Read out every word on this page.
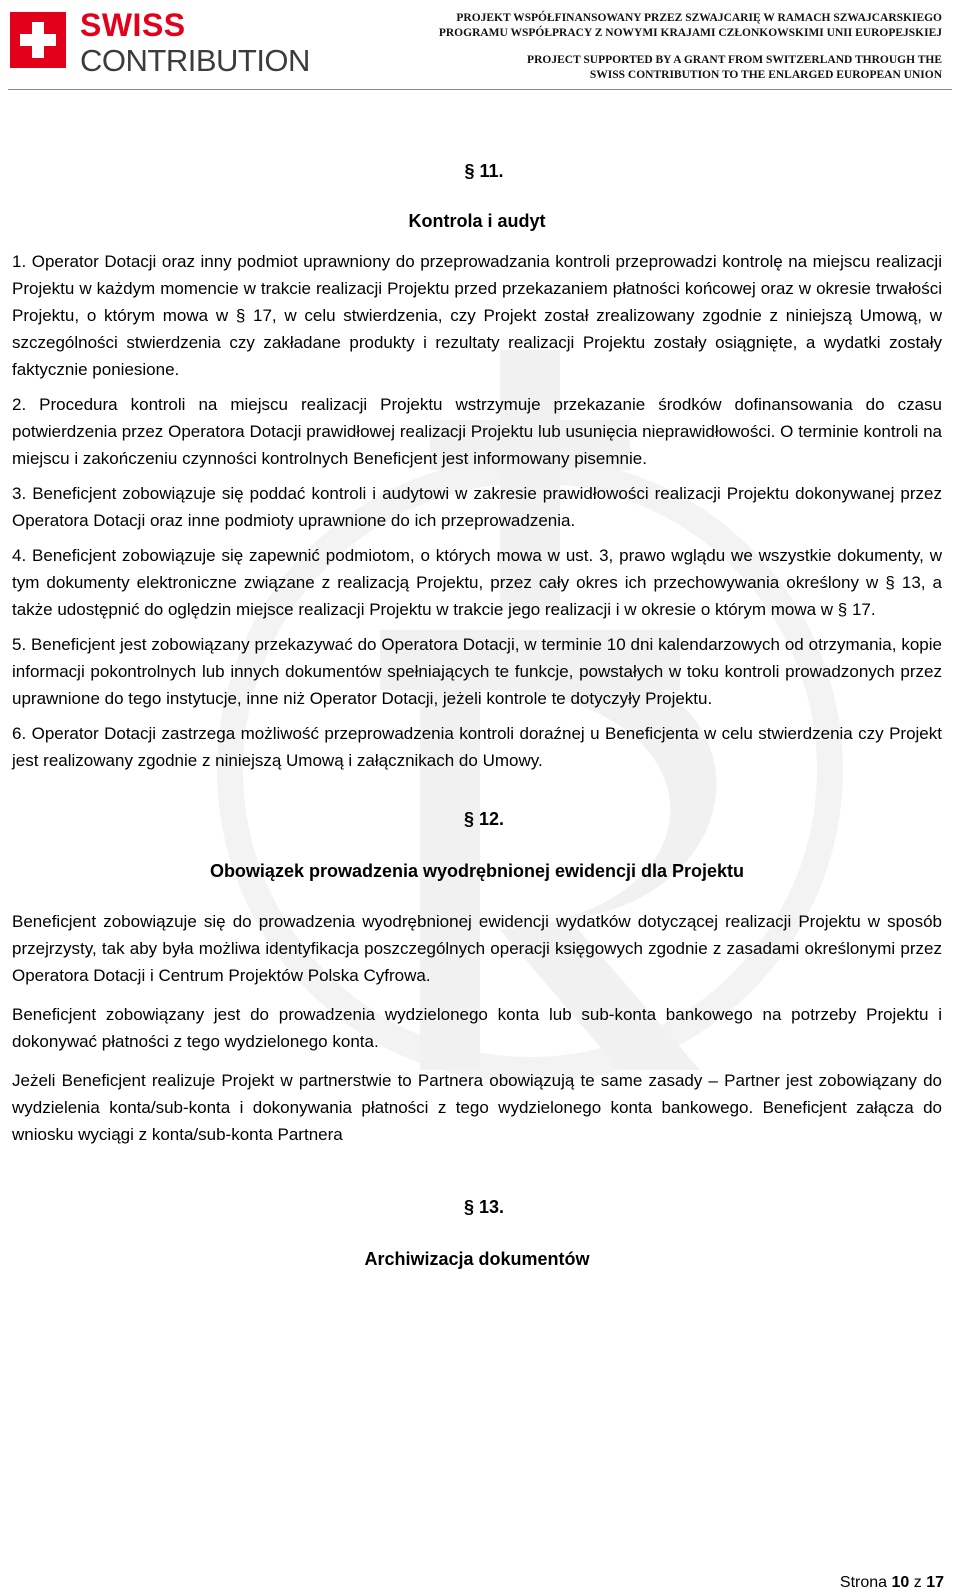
SWISS
CONTRIBUTION
PROJEKT WSPÓŁFINANSOWANY PRZEZ SZWAJCARIĘ W RAMACH SZWAJCARSKIEGO
PROGRAMU WSPÓŁPRACY Z NOWYMI KRAJAMI CZŁONKOWSKIMI UNII EUROPEJSKIEJ
PROJECT SUPPORTED BY A GRANT FROM SWITZERLAND THROUGH THE
SWISS CONTRIBUTION TO THE ENLARGED EUROPEAN UNION

§ 11.

Kontrola i audyt

1. Operator Dotacji oraz inny podmiot uprawniony do przeprowadzania kontroli przeprowadzi kontrolę na miejscu realizacji Projektu w każdym momencie w trakcie realizacji Projektu przed przekazaniem płatności końcowej oraz w okresie trwałości Projektu, o którym mowa w § 17, w celu stwierdzenia, czy Projekt został zrealizowany zgodnie z niniejszą Umową, w szczególności stwierdzenia czy zakładane produkty i rezultaty realizacji Projektu zostały osiągnięte, a wydatki zostały faktycznie poniesione.

2. Procedura kontroli na miejscu realizacji Projektu wstrzymuje przekazanie środków dofinansowania do czasu potwierdzenia przez Operatora Dotacji prawidłowej realizacji Projektu lub usunięcia nieprawidłowości. O terminie kontroli na miejscu i zakończeniu czynności kontrolnych Beneficjent jest informowany pisemnie.

3. Beneficjent zobowiązuje się poddać kontroli i audytowi w zakresie prawidłowości realizacji Projektu dokonywanej przez Operatora Dotacji oraz inne podmioty uprawnione do ich przeprowadzenia.

4. Beneficjent zobowiązuje się zapewnić podmiotom, o których mowa w ust. 3, prawo wglądu we wszystkie dokumenty, w tym dokumenty elektroniczne związane z realizacją Projektu, przez cały okres ich przechowywania określony w § 13, a także udostępnić do oględzin miejsce realizacji Projektu w trakcie jego realizacji i w okresie o którym mowa w § 17.

5. Beneficjent jest zobowiązany przekazywać do Operatora Dotacji, w terminie 10 dni kalendarzowych od otrzymania, kopie informacji pokontrolnych lub innych dokumentów spełniających te funkcje, powstałych w toku kontroli prowadzonych przez uprawnione do tego instytucje, inne niż Operator Dotacji, jeżeli kontrole te dotyczyły Projektu.

6. Operator Dotacji zastrzega możliwość przeprowadzenia kontroli doraźnej u Beneficjenta w celu stwierdzenia czy Projekt jest realizowany zgodnie z niniejszą Umową i załącznikach do Umowy.

§ 12.

Obowiązek prowadzenia wyodrębnionej ewidencji dla Projektu

Beneficjent zobowiązuje się do prowadzenia wyodrębnionej ewidencji wydatków dotyczącej realizacji Projektu w sposób przejrzysty, tak aby była możliwa identyfikacja poszczególnych operacji księgowych zgodnie z zasadami określonymi przez Operatora Dotacji i Centrum Projektów Polska Cyfrowa.

Beneficjent zobowiązany jest do prowadzenia wydzielonego konta lub sub-konta bankowego na potrzeby Projektu i dokonywać płatności z tego wydzielonego konta.

Jeżeli Beneficjent realizuje Projekt w partnerstwie to Partnera obowiązują te same zasady – Partner jest zobowiązany do wydzielenia konta/sub-konta i dokonywania płatności z tego wydzielonego konta bankowego. Beneficjent załącza do wniosku wyciągi z konta/sub-konta Partnera

§ 13.

Archiwizacja dokumentów

Strona 10 z 17
